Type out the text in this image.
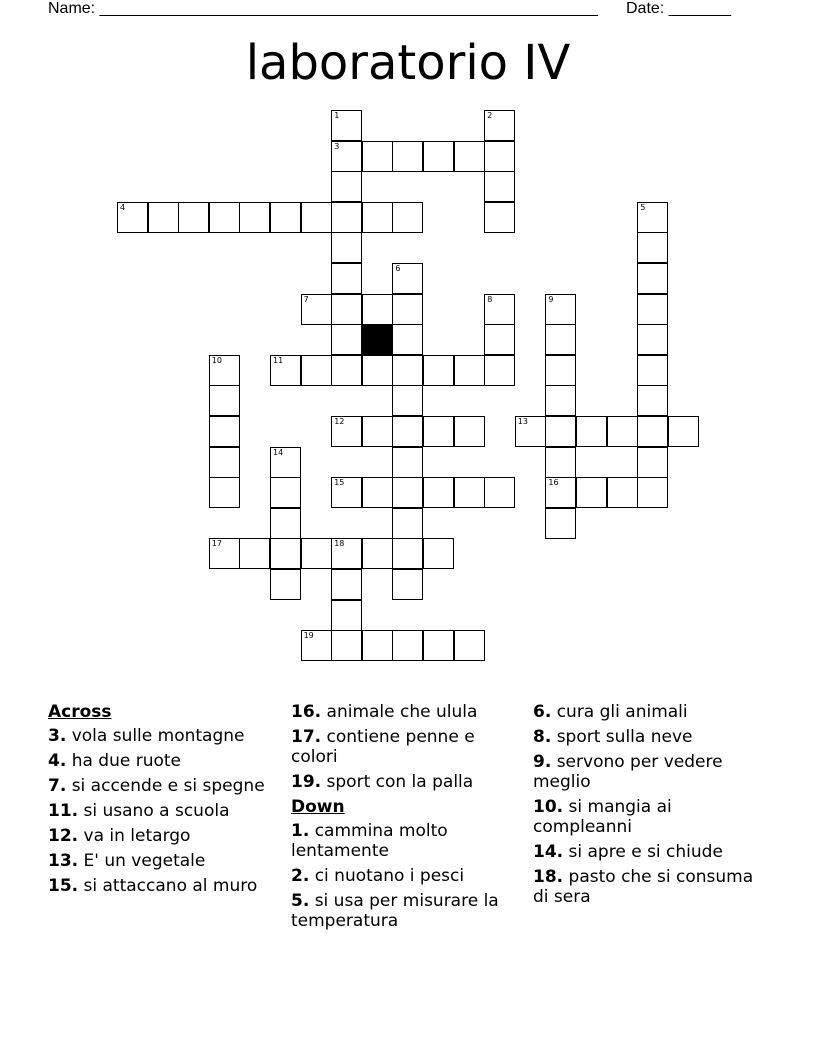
Name: ________________________________________________________ Date: _______
laboratorio IV
1	2
3
4	5
6
7	8	9
10	11
12	13
14
15	16
17	18
19
Across
3. vola sulle montagne
4. ha due ruote
7. si accende e si spegne
11. si usano a scuola
12. va in letargo
13. E' un vegetale
15. si attaccano al muro
16. animale che ulula
17. contiene penne e colori
19. sport con la palla
Down
1. cammina molto lentamente
2. ci nuotano i pesci
5. si usa per misurare la temperatura
6. cura gli animali
8. sport sulla neve
9. servono per vedere meglio
10. si mangia ai compleanni
14. si apre e si chiude
18. pasto che si consuma di sera
